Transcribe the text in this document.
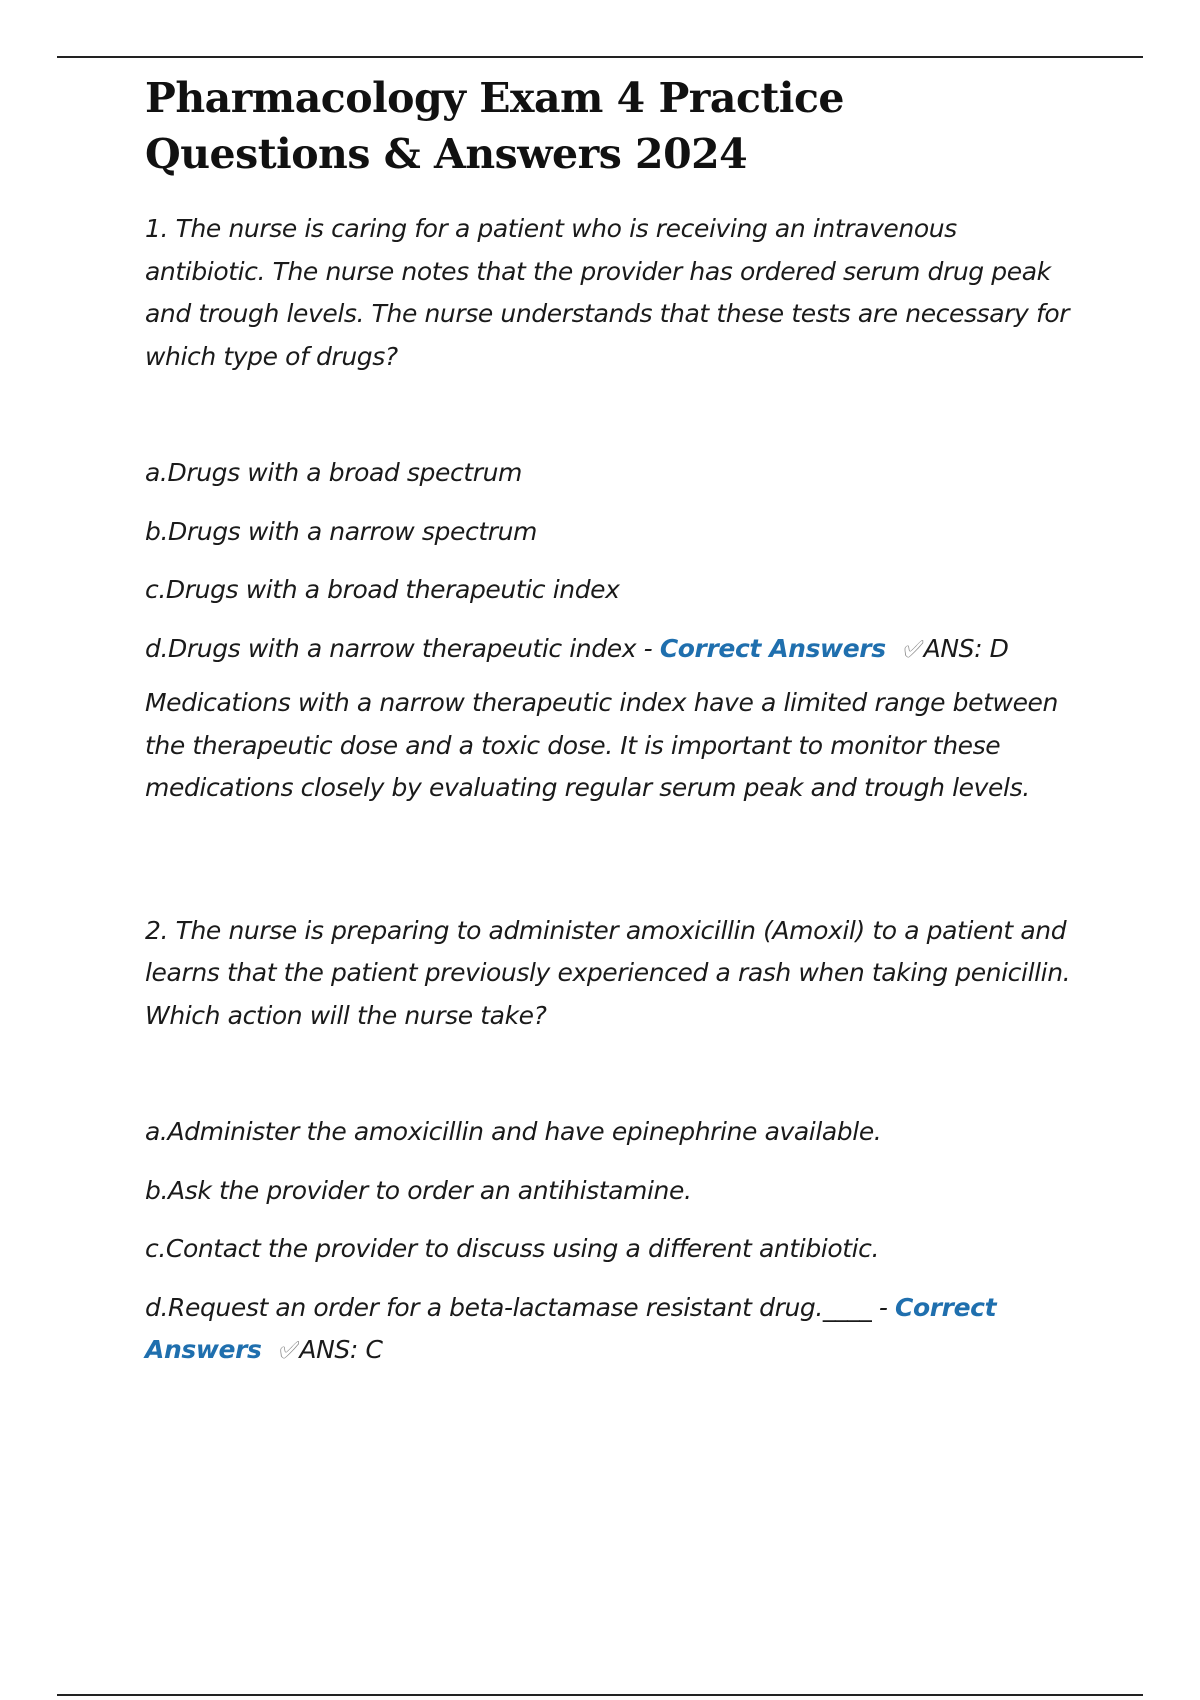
Pharmacology Exam 4 Practice Questions & Answers 2024

1. The nurse is caring for a patient who is receiving an intravenous antibiotic. The nurse notes that the provider has ordered serum drug peak and trough levels. The nurse understands that these tests are necessary for which type of drugs?

a.Drugs with a broad spectrum

b.Drugs with a narrow spectrum

c.Drugs with a broad therapeutic index

d.Drugs with a narrow therapeutic index - Correct Answers ✅︎ANS: D

Medications with a narrow therapeutic index have a limited range between the therapeutic dose and a toxic dose. It is important to monitor these medications closely by evaluating regular serum peak and trough levels.

2. The nurse is preparing to administer amoxicillin (Amoxil) to a patient and learns that the patient previously experienced a rash when taking penicillin. Which action will the nurse take?

a.Administer the amoxicillin and have epinephrine available.

b.Ask the provider to order an antihistamine.

c.Contact the provider to discuss using a different antibiotic.

d.Request an order for a beta-lactamase resistant drug.____ - Correct Answers ✅︎ANS: C
